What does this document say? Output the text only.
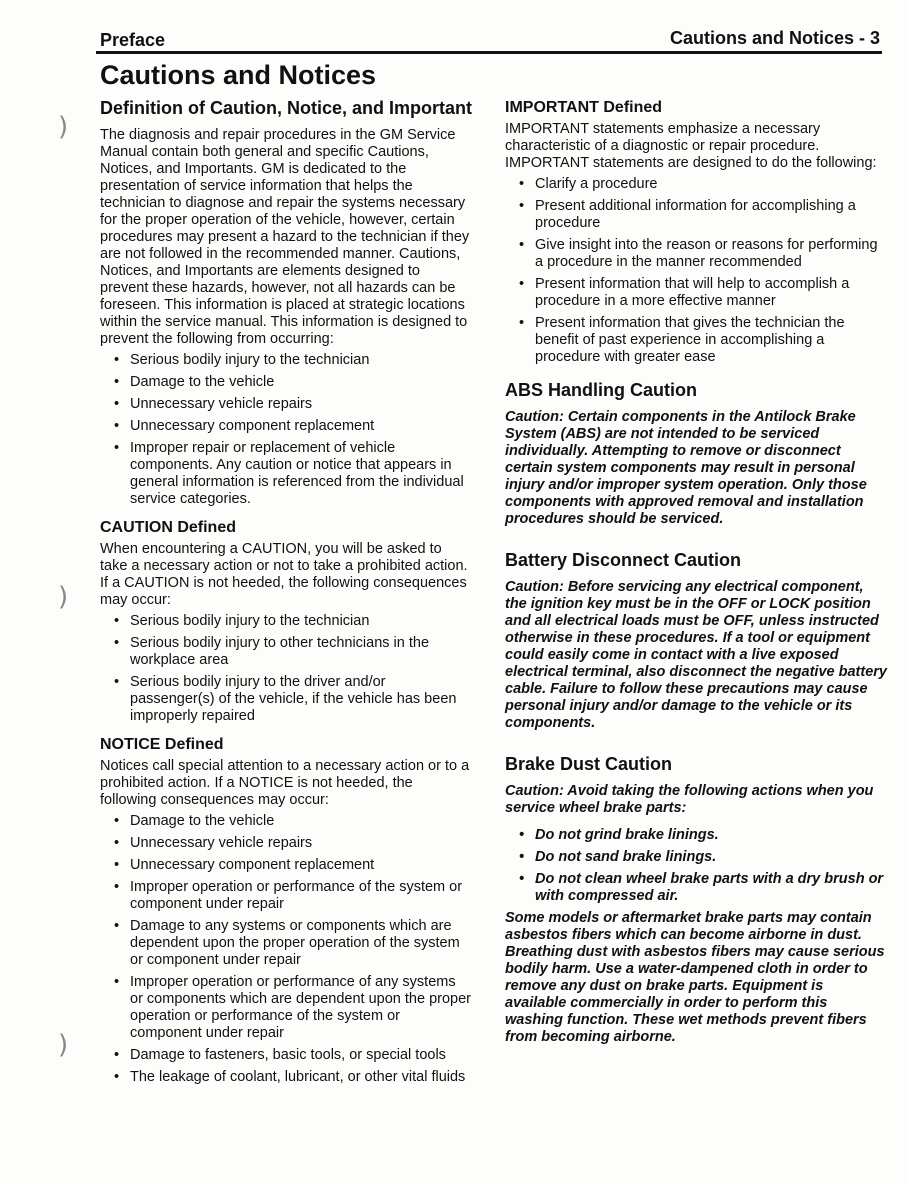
Preface	Cautions and Notices - 3
Cautions and Notices
)
)
)
Definition of Caution, Notice, and Important

The diagnosis and repair procedures in the GM Service Manual contain both general and specific Cautions, Notices, and Importants. GM is dedicated to the presentation of service information that helps the technician to diagnose and repair the systems necessary for the proper operation of the vehicle, however, certain procedures may present a hazard to the technician if they are not followed in the recommended manner. Cautions, Notices, and Importants are elements designed to prevent these hazards, however, not all hazards can be foreseen. This information is placed at strategic locations within the service manual. This information is designed to prevent the following from occurring:

• Serious bodily injury to the technician
• Damage to the vehicle
• Unnecessary vehicle repairs
• Unnecessary component replacement
• Improper repair or replacement of vehicle components. Any caution or notice that appears in general information is referenced from the individual service categories.
CAUTION Defined

When encountering a CAUTION, you will be asked to take a necessary action or not to take a prohibited action. If a CAUTION is not heeded, the following consequences may occur:

• Serious bodily injury to the technician
• Serious bodily injury to other technicians in the workplace area
• Serious bodily injury to the driver and/or passenger(s) of the vehicle, if the vehicle has been improperly repaired
NOTICE Defined

Notices call special attention to a necessary action or to a prohibited action. If a NOTICE is not heeded, the following consequences may occur:

• Damage to the vehicle
• Unnecessary vehicle repairs
• Unnecessary component replacement
• Improper operation or performance of the system or component under repair
• Damage to any systems or components which are dependent upon the proper operation of the system or component under repair
• Improper operation or performance of any systems or components which are dependent upon the proper operation or performance of the system or component under repair
• Damage to fasteners, basic tools, or special tools
• The leakage of coolant, lubricant, or other vital fluids
IMPORTANT Defined

IMPORTANT statements emphasize a necessary characteristic of a diagnostic or repair procedure. IMPORTANT statements are designed to do the following:

• Clarify a procedure
• Present additional information for accomplishing a procedure
• Give insight into the reason or reasons for performing a procedure in the manner recommended
• Present information that will help to accomplish a procedure in a more effective manner
• Present information that gives the technician the benefit of past experience in accomplishing a procedure with greater ease
ABS Handling Caution

Caution: Certain components in the Antilock Brake System (ABS) are not intended to be serviced individually. Attempting to remove or disconnect certain system components may result in personal injury and/or improper system operation. Only those components with approved removal and installation procedures should be serviced.

Battery Disconnect Caution

Caution: Before servicing any electrical component, the ignition key must be in the OFF or LOCK position and all electrical loads must be OFF, unless instructed otherwise in these procedures. If a tool or equipment could easily come in contact with a live exposed electrical terminal, also disconnect the negative battery cable. Failure to follow these precautions may cause personal injury and/or damage to the vehicle or its components.

Brake Dust Caution

Caution: Avoid taking the following actions when you service wheel brake parts:

• Do not grind brake linings.
• Do not sand brake linings.
• Do not clean wheel brake parts with a dry brush or with compressed air.

Some models or aftermarket brake parts may contain asbestos fibers which can become airborne in dust. Breathing dust with asbestos fibers may cause serious bodily harm. Use a water-dampened cloth in order to remove any dust on brake parts. Equipment is available commercially in order to perform this washing function. These wet methods prevent fibers from becoming airborne.
